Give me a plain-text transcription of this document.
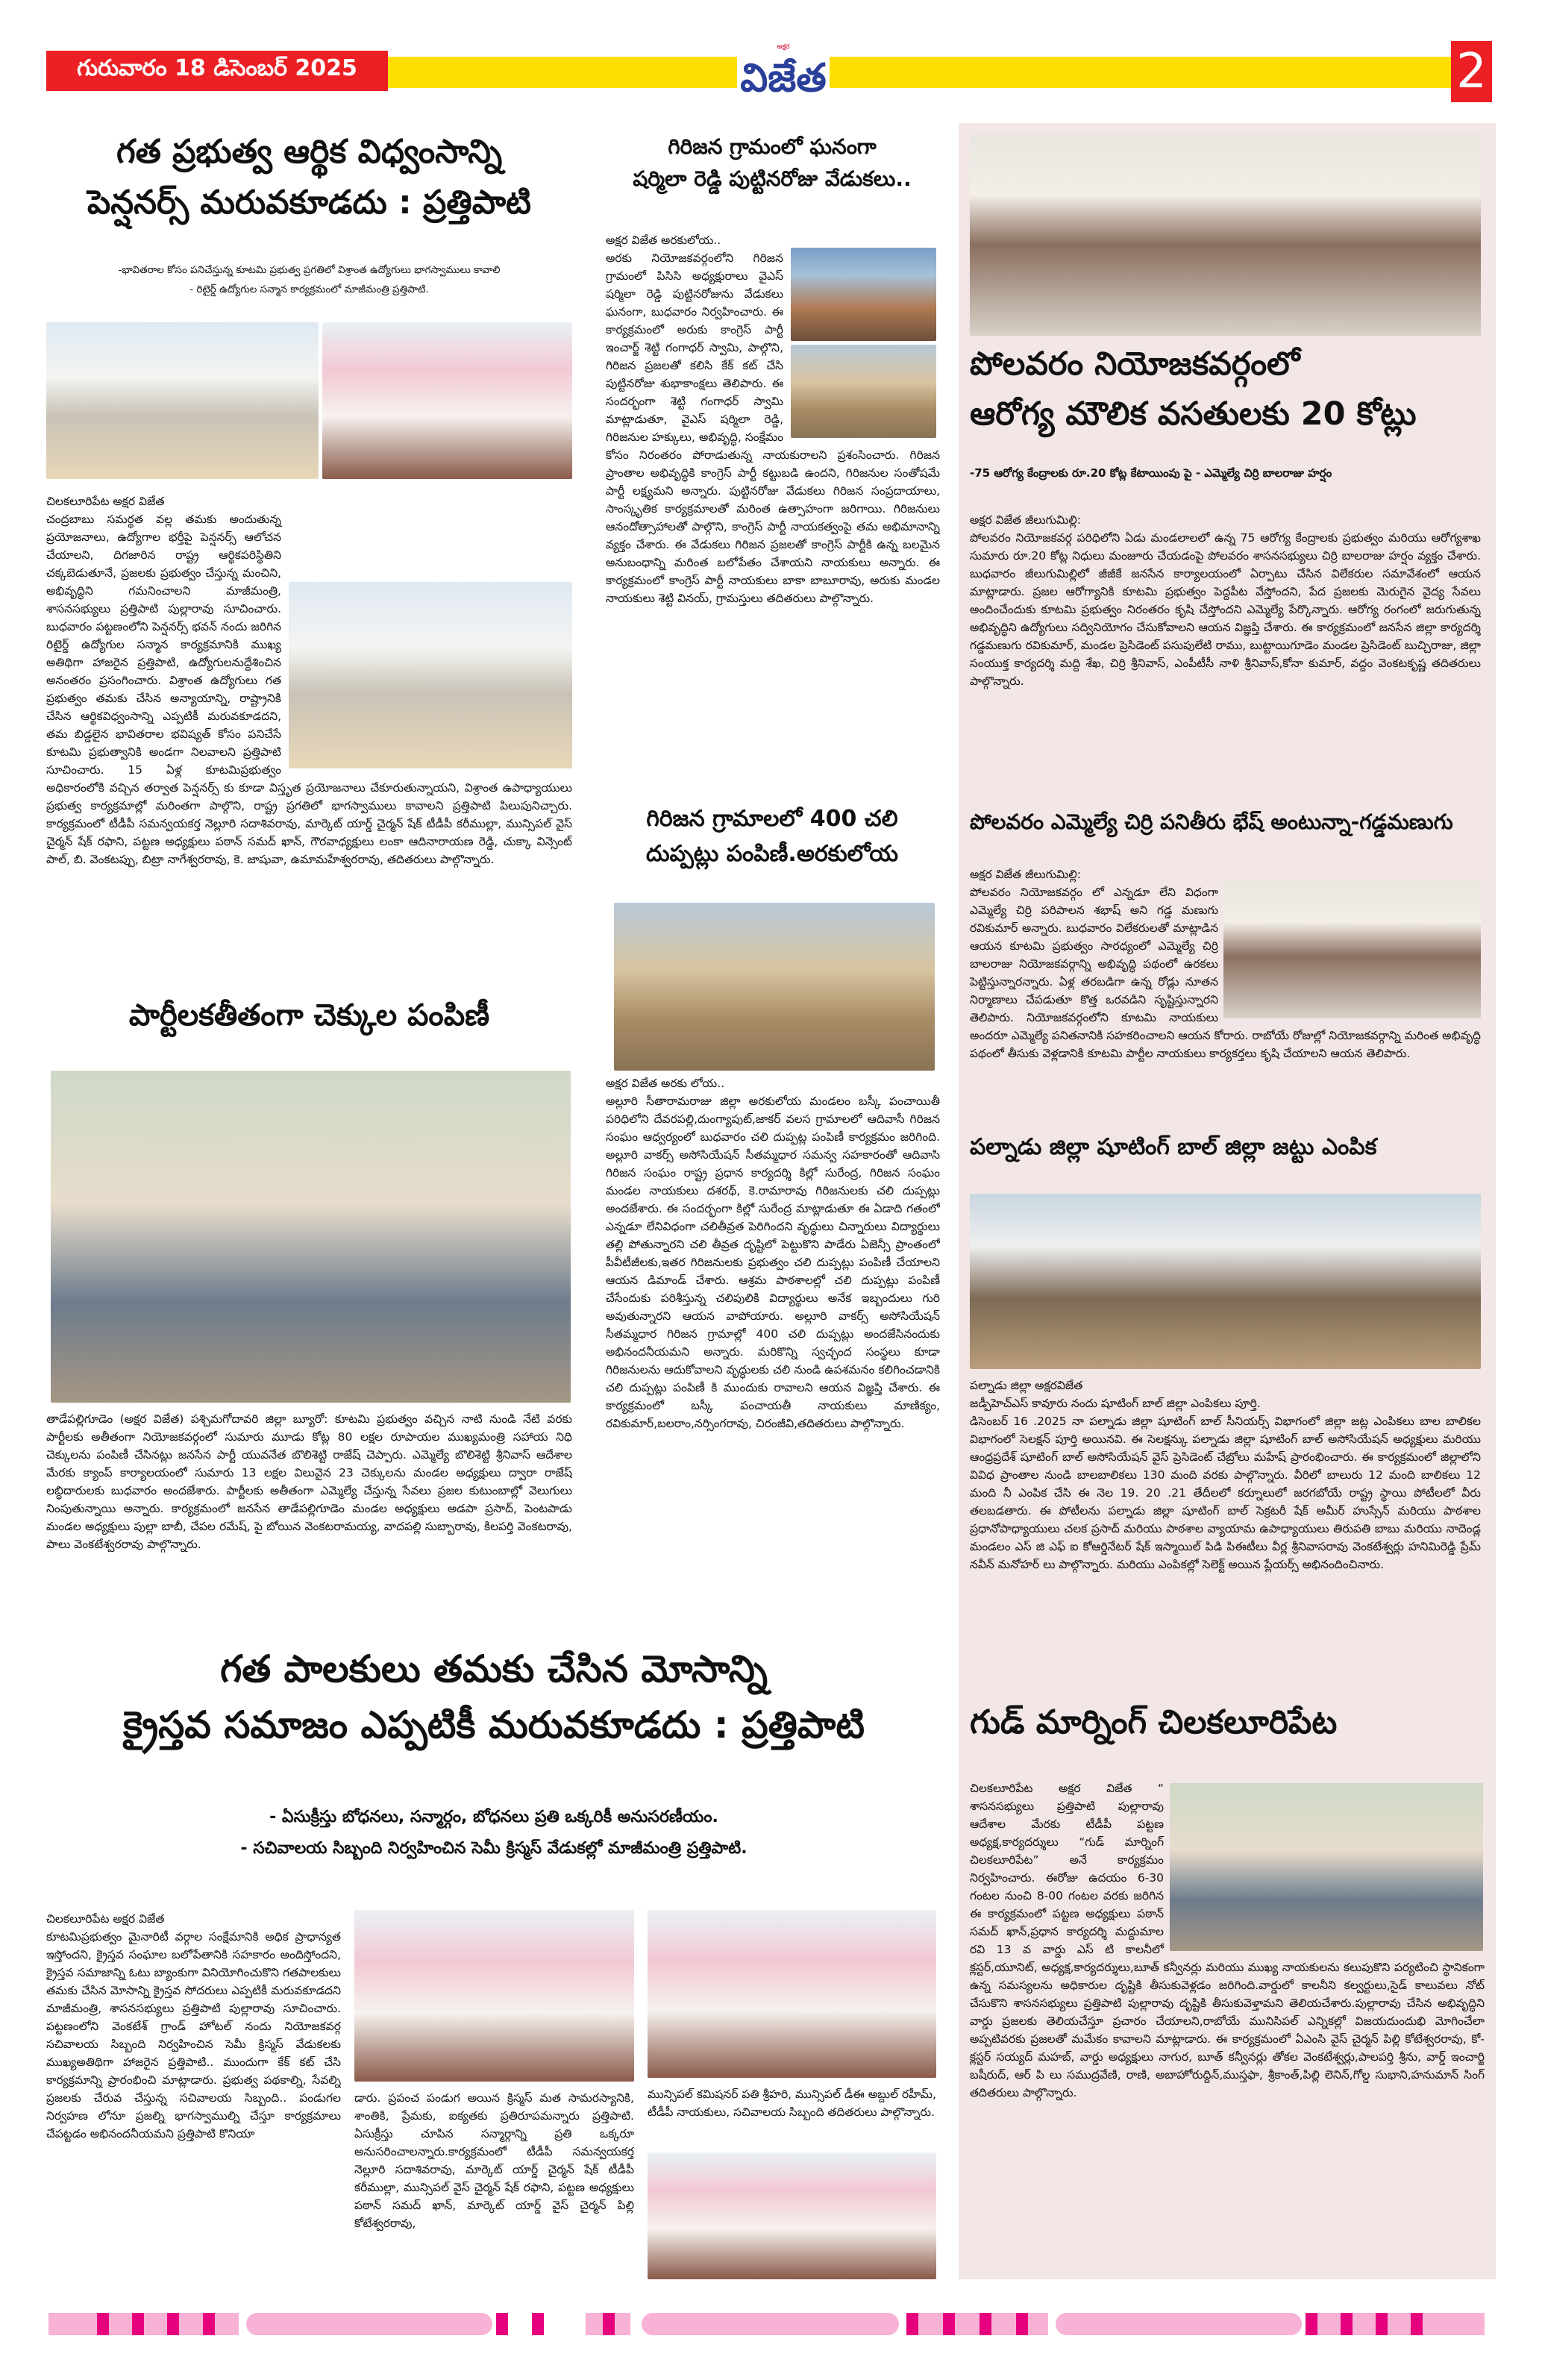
గురువారం 18 డిసెంబర్ 2025
అక్షర
విజేత	2
గత ప్రభుత్వ ఆర్థిక విధ్వంసాన్ని
పెన్షనర్స్ మరువకూడదు : ప్రత్తిపాటి
-భావితరాల కోసం పనిచేస్తున్న కూటమి ప్రభుత్వ ప్రగతిలో విశ్రాంత ఉద్యోగులు భాగస్వాములు కావాలి
- రిటైర్డ్ ఉద్యోగుల సన్మాన కార్యక్రమంలో మాజీమంత్రి ప్రత్తిపాటి.
చిలకలూరిపేట అక్షర విజేత
చంద్రబాబు సమర్థత వల్ల తమకు అందుతున్న ప్రయోజనాలు, ఉద్యోగాల భర్తీపై పెన్షనర్స్ ఆలోచన చేయాలని, దిగజారిన రాష్ట్ర ఆర్థికపరిస్థితిని చక్కబెడుతూనే, ప్రజలకు ప్రభుత్వం చేస్తున్న మంచిని, అభివృద్ధిని గమనించాలని మాజీమంత్రి, శాసనసభ్యులు ప్రత్తిపాటి పుల్లారావు సూచించారు. బుధవారం పట్టణంలోని పెన్షనర్స్ భవన్ నందు జరిగిన రిటైర్డ్ ఉద్యోగుల సన్మాన కార్యక్రమానికి ముఖ్య అతిథిగా హాజరైన ప్రత్తిపాటి, ఉద్యోగులనుద్దేశించిన అనంతరం ప్రసంగించారు. విశ్రాంత ఉద్యోగులు గత ప్రభుత్వం తమకు చేసిన అన్యాయాన్ని, రాష్ట్రానికి చేసిన ఆర్థికవిధ్వంసాన్ని ఎప్పటికీ మరువకూడదని, తమ బిడ్డలైన భావితరాల భవిష్యత్ కోసం పనిచేసే కూటమి ప్రభుత్వానికి అండగా నిలవాలని ప్రత్తిపాటి సూచించారు. 15 ఏళ్ల కూటమిప్రభుత్వం అధికారంలోకి వచ్చిన తర్వాత పెన్షనర్స్ కు కూడా విస్తృత ప్రయోజనాలు చేకూరుతున్నాయని, విశ్రాంత ఉపాధ్యాయులు ప్రభుత్వ కార్యక్రమాల్లో మరింతగా పాల్గొని, రాష్ట్ర ప్రగతిలో భాగస్వాములు కావాలని ప్రత్తిపాటి పిలుపునిచ్చారు. కార్యక్రమంలో టీడీపీ సమన్వయకర్త నెల్లూరి సదాశివరావు, మార్కెట్ యార్డ్ చైర్మన్ షేక్ టీడీపీ కరీముల్లా, మున్సిపల్ వైస్ చైర్మన్ షేక్ రఫాని, పట్టణ అధ్యక్షులు పఠాన్ సమద్ ఖాన్, గౌరవాధ్యక్షులు లంకా ఆదినారాయణ రెడ్డి, చుక్కా విన్సెంట్ పాల్, బి. వెంకటప్పు, బిట్రా నాగేశ్వరరావు, కె. జాషువా, ఉమామహేశ్వరరావు, తదితరులు పాల్గొన్నారు.
పార్టీలకతీతంగా చెక్కుల పంపిణీ
తాడేపల్లిగూడెం (అక్షర విజేత) పశ్చిమగోదావరి జిల్లా బ్యూరో: కూటమి ప్రభుత్వం వచ్చిన నాటి నుండి నేటి వరకు పార్టీలకు అతీతంగా నియోజకవర్గంలో సుమారు మూడు కోట్ల 80 లక్షల రూపాయల ముఖ్యమంత్రి సహాయ నిధి చెక్కులను పంపిణీ చేసినట్లు జనసేన పార్టీ యువనేత బొలిశెట్టి రాజేష్ చెప్పారు. ఎమ్మెల్యే బొలిశెట్టి శ్రీనివాస్ ఆదేశాల మేరకు క్యాంప్ కార్యాలయంలో సుమారు 13 లక్షల విలువైన 23 చెక్కులను మండల అధ్యక్షులు ద్వారా రాజేష్ లబ్ధిదారులకు బుధవారం అందజేశారు. పార్టీలకు అతీతంగా ఎమ్మెల్యే చేస్తున్న సేవలు ప్రజల కుటుంబాల్లో వెలుగులు నింపుతున్నాయి అన్నారు. కార్యక్రమంలో జనసేన తాడేపల్లిగూడెం మండల అధ్యక్షులు అడపా ప్రసాద్, పెంటపాడు మండల అధ్యక్షులు పుల్లా బాబీ, చేపల రమేష్, పై బోయిన వెంకటరామయ్య, వాదపల్లి సుబ్బారావు, కిలపర్తి వెంకటరావు, పాలు వెంకటేశ్వరరావు పాల్గొన్నారు.
గిరిజన గ్రామంలో ఘనంగా
షర్మిలా రెడ్డి పుట్టినరోజు వేడుకలు..
అక్షర విజేత అరకులోయ..
అరకు నియోజకవర్గంలోని గిరిజన గ్రామంలో పిసిసి అధ్యక్షురాలు వైఎస్ షర్మిలా రెడ్డి పుట్టినరోజును వేడుకలు ఘనంగా, బుధవారం నిర్వహించారు. ఈ కార్యక్రమంలో అరుకు కాంగ్రెస్ పార్టీ ఇంచార్జ్ శెట్టి గంగాధర్ స్వామి, పాల్గొని, గిరిజన ప్రజలతో కలిసి కేక్ కట్ చేసి పుట్టినరోజు శుభాకాంక్షలు తెలిపారు. ఈ సందర్భంగా శెట్టి గంగాధర్ స్వామి మాట్లాడుతూ, వైఎస్ షర్మిలా రెడ్డి, గిరిజనుల హక్కులు, అభివృద్ధి, సంక్షేమం కోసం నిరంతరం పోరాడుతున్న నాయకురాలని ప్రశంసించారు. గిరిజన ప్రాంతాల అభివృద్ధికి కాంగ్రెస్ పార్టీ కట్టుబడి ఉందని, గిరిజనుల సంతోషమే పార్టీ లక్ష్యమని అన్నారు. పుట్టినరోజు వేడుకలు గిరిజన సంప్రదాయాలు, సాంస్కృతిక కార్యక్రమాలతో మరింత ఉత్సాహంగా జరిగాయి. గిరిజనులు ఆనందోత్సాహాలతో పాల్గొని, కాంగ్రెస్ పార్టీ నాయకత్వంపై తమ అభిమానాన్ని వ్యక్తం చేశారు. ఈ వేడుకలు గిరిజన ప్రజలతో కాంగ్రెస్ పార్టీకి ఉన్న బలమైన అనుబంధాన్ని మరింత బలోపేతం చేశాయని నాయకులు అన్నారు. ఈ కార్యక్రమంలో కాంగ్రెస్ పార్టీ నాయకులు బాకా బాబూరావు, అరుకు మండల నాయకులు శెట్టి వినయ్, గ్రామస్తులు తదితరులు పాల్గొన్నారు.
గిరిజన గ్రామాలలో 400 చలి
దుప్పట్లు పంపిణీ.అరకులోయ
అక్షర విజేత అరకు లోయ..
అల్లూరి సీతారామరాజు జిల్లా అరకులోయ మండలం బస్కీ పంచాయితీ పరిధిలోని దేవరపల్లి,దుంగ్యాపుట్,జాకర్ వలస గ్రామాలలో ఆదివాసీ గిరిజన సంఘం ఆధ్వర్యంలో బుధవారం చలి దుప్పట్ల పంపిణీ కార్యక్రమం జరిగింది. అల్లూరి వాకర్స్ అసోసియేషన్ సీతమ్మధార సమన్వ సహకారంతో ఆదివాసి గిరిజన సంఘం రాష్ట్ర ప్రధాన కార్యదర్శి కిల్లో సురేంద్ర, గిరిజన సంఘం మండల నాయకులు దశరథ్, కె.రామారావు గిరిజనులకు చలి దుప్పట్లు అందజేశారు. ఈ సందర్భంగా కిల్లో సురేంద్ర మాట్లాడుతూ ఈ ఏడాది గతంలో ఎన్నడూ లేనివిధంగా చలితీవ్రత పెరిగిందని వృద్ధులు చిన్నారులు విద్యార్థులు తల్లి పోతున్నారని చలి తీవ్రత దృష్టిలో పెట్టుకొని పాడేరు ఏజెన్సీ ప్రాంతంలో పీవీటీజీలకు,ఇతర గిరిజనులకు ప్రభుత్వం చలి దుప్పట్లు పంపిణీ చేయాలని ఆయన డిమాండ్ చేశారు. ఆశ్రమ పాఠశాలల్లో చలి దుప్పట్లు పంపిణీ చేసేందుకు పరిశీస్తున్న చలిపులికి విద్యార్థులు అనేక ఇబ్బందులు గురి అవుతున్నారని ఆయన వాపోయారు. అల్లూరి వాకర్స్ అసోసియేషన్ సీతమ్మధార గిరిజన గ్రామాల్లో 400 చలి దుప్పట్లు అందజేసినందుకు అభినందనీయమని అన్నారు. మరికొన్ని స్వచ్ఛంద సంస్థలు కూడా గిరిజనులను ఆదుకోవాలని వృద్ధులకు చలి నుండి ఉపశమనం కలిగించడానికి చలి దుప్పట్లు పంపిణీ కి ముందుకు రావాలని ఆయన విజ్ఞప్తి చేశారు. ఈ కార్యక్రమంలో బస్కీ పంచాయతీ నాయకులు మాణిక్యం, రవికుమార్,బలరాం,నర్సింగరావు, చిరంజీవి,తదితరులు పాల్గొన్నారు.
పోలవరం నియోజకవర్గంలో
ఆరోగ్య మౌలిక వసతులకు 20 కోట్లు
-75 ఆరోగ్య కేంద్రాలకు రూ.20 కోట్ల కేటాయింపు పై - ఎమ్మెల్యే చిర్రి బాలరాజు హర్షం
అక్షర విజేత జీలుగుమిల్లి:
పోలవరం నియోజకవర్గ పరిధిలోని ఏడు మండలాలలో ఉన్న 75 ఆరోగ్య కేంద్రాలకు ప్రభుత్వం మరియు ఆరోగ్యశాఖ సుమారు రూ.20 కోట్ల నిధులు మంజూరు చేయడంపై పోలవరం శాసనసభ్యులు చిర్రి బాలరాజు హర్షం వ్యక్తం చేశారు. బుధవారం జీలుగుమిల్లిలో జీజీకే జనసేన కార్యాలయంలో ఏర్పాటు చేసిన విలేకరుల సమావేశంలో ఆయన మాట్లాడారు. ప్రజల ఆరోగ్యానికి కూటమి ప్రభుత్వం పెద్దపీట వేస్తోందని, పేద ప్రజలకు మెరుగైన వైద్య సేవలు అందించేందుకు కూటమి ప్రభుత్వం నిరంతరం కృషి చేస్తోందని ఎమ్మెల్యే పేర్కొన్నారు. ఆరోగ్య రంగంలో జరుగుతున్న అభివృద్ధిని ఉద్యోగులు సద్వినియోగం చేసుకోవాలని ఆయన విజ్ఞప్తి చేశారు. ఈ కార్యక్రమంలో జనసేన జిల్లా కార్యదర్శి గడ్డమణుగు రవికుమార్, మండల ప్రెసిడెంట్ పసుపులేటి రాము, బుట్టాయిగూడెం మండల ప్రెసిడెంట్ బుచ్చిరాజు, జిల్లా సంయుక్త కార్యదర్శి మద్ది శేఖ, చిర్రి శ్రీనివాస్, ఎంపీటీసీ నాళి శ్రీనివాస్,కోనా కుమార్, వద్దం వెంకటకృష్ణ తదితరులు పాల్గొన్నారు.
పోలవరం ఎమ్మెల్యే చిర్రి పనితీరు భేష్ అంటున్నా-గడ్డమణుగు
అక్షర విజేత జీలుగుమిల్లి:
పోలవరం నియోజకవర్గం లో ఎన్నడూ లేని విధంగా ఎమ్మెల్యే చిర్రి పరిపాలన శభాష్ అని గడ్డ మణుగు రవికుమార్ అన్నారు. బుధవారం విలేకరులతో మాట్లాడిన ఆయన కూటమి ప్రభుత్వం సారధ్యంలో ఎమ్మెల్యే చిర్రి బాలరాజు నియోజకవర్గాన్ని అభివృద్ధి పథంలో ఉరకలు పెట్టిస్తున్నారన్నారు. ఏళ్ల తరబడిగా ఉన్న రోడ్లు నూతన నిర్మాణాలు చేపడుతూ కొత్త ఒరవడిని సృష్టిస్తున్నారని తెలిపారు. నియోజకవర్గంలోని కూటమి నాయకులు అందరూ ఎమ్మెల్యే పనితనానికి సహకరించాలని ఆయన కోరారు. రాబోయే రోజుల్లో నియోజకవర్గాన్ని మరింత అభివృద్ధి పథంలో తీసుకు వెళ్లడానికి కూటమి పార్టీల నాయకులు కార్యకర్తలు కృషి చేయాలని ఆయన తెలిపారు.
పల్నాడు జిల్లా షూటింగ్ బాల్ జిల్లా జట్టు ఎంపిక
పల్నాడు జిల్లా అక్షరవిజేత
జడ్పీహెచ్ఎస్ కావూరు నందు షూటింగ్ బాల్ జిల్లా ఎంపికలు పూర్తి.
డిసెంబర్ 16 .2025 నా పల్నాడు జిల్లా షూటింగ్ బాల్ సీనియర్స్ విభాగంలో జిల్లా జట్ల ఎంపికలు బాల బాలికల విభాగంలో సెలక్షన్ పూర్తి అయినవి. ఈ సెలక్షన్కు పల్నాడు జిల్లా షూటింగ్ బాల్ అసోసియేషన్ అధ్యక్షులు మరియు ఆంధ్రప్రదేశ్ షూటింగ్ బాల్ అసోసియేషన్ వైస్ ప్రెసిడెంట్ చేబ్రోలు మహేష్ ప్రారంభించారు. ఈ కార్యక్రమంలో జిల్లాలోని వివిధ ప్రాంతాల నుండి బాలబాలికలు 130 మంది వరకు పాల్గొన్నారు. వీరిలో బాలురు 12 మంది బాలికలు 12 మంది నీ ఎంపిక చేసి ఈ నెల 19. 20 .21 తేదీలలో కర్నూలులో జరగబోయే రాష్ట్ర స్థాయి పోటీలలో వీరు తలబడతారు. ఈ పోటీలను పల్నాడు జిల్లా షూటింగ్ బాల్ సెక్రటరీ షేక్ అమీర్ హుస్సేన్ మరియు పాఠశాల ప్రధానోపాధ్యాయులు చలక ప్రసాద్ మరియు పాఠశాల వ్యాయామ ఉపాధ్యాయులు తిరుపతి బాబు మరియు నాదెండ్ల మండలం ఎస్ జి ఎఫ్ ఐ కోఆర్డినేటర్ షేక్ ఇస్మాయిల్ పిడి పిఈటీలు వీర్ల శ్రీనివాసరావు వెంకటేశ్వర్లు హనిమిరెడ్డి ప్రేమ్ నవీన్ మనోహర్ లు పాల్గొన్నారు. మరియు ఎంపికల్లో సెలెక్ట్ అయిన ప్లేయర్స్ అభినందించినారు.
గుడ్ మార్నింగ్ చిలకలూరిపేట
చిలకలూరిపేట అక్షర విజేత “ శాసనసభ్యులు ప్రత్తిపాటి పుల్లారావు ఆదేశాల మేరకు టీడీపీ పట్టణ అధ్యక్ష,కార్యదర్శులు “గుడ్ మార్నింగ్ చిలకలూరిపేట” అనే కార్యక్రమం నిర్వహించారు. ఈరోజు ఉదయం 6-30 గంటల నుంచి 8-00 గంటల వరకు జరిగిన ఈ కార్యక్రమంలో పట్టణ అధ్యక్షులు పఠాన్ సమద్ ఖాన్,ప్రధాన కార్యదర్శి మద్దుమాల రవి 13 వ వార్డు ఎస్ టి కాలనీలో క్లస్టర్,యూనిట్, అధ్యక్ష,కార్యదర్శులు,బూత్ కన్వీనర్లు మరియు ముఖ్య నాయకులను కలుపుకొని పర్యటించి స్థానికంగా ఉన్న సమస్యలను అధికారుల దృష్టికి తీసుకువెళ్లడం జరిగింది.వార్డులో కాలనీని కల్వర్టులు,సైడ్ కాలువలు నోట్ చేసుకొని శాసనసభ్యులు ప్రత్తిపాటి పుల్లారావు దృష్టికి తీసుకువెళ్తామని తెలియచేశారు.పుల్లారావు చేసిన అభివృద్ధిని వార్డు ప్రజలకు తెలియచేస్తూ ప్రచారం చేయాలని,రాబోయే మునిసిపల్ ఎన్నికల్లో విజయదుందుభి మోగించేలా అప్పటివరకు ప్రజలతో మమేకం కావాలని మాట్లాడారు. ఈ కార్యక్రమంలో ఏఎంసి వైస్ చైర్మన్ పిల్లి కోటేశ్వరరావు, కో-క్లస్టర్ సయ్యద్ మహబ్, వార్డు అధ్యక్షులు నాగుర, బూత్ కన్వీనర్లు తోకల వెంకటేశ్వర్లు,పాలపర్తి శ్రీను, వార్డ్ ఇంచార్జి బషీరుద్, ఆర్ పి లు సముద్రవేణి, రాణి, అబాహోరుద్దిన్,ముస్తఫా, శ్రీకాంత్,పిల్లి లెనిన్,గోల్డ సుభాని,హనుమాన్ సింగ్ తదితరులు పాల్గొన్నారు.
గత పాలకులు తమకు చేసిన మోసాన్ని
క్రైస్తవ సమాజం ఎప్పటికీ మరువకూడదు : ప్రత్తిపాటి
- ఏసుక్రీస్తు బోధనలు, సన్మార్గం, బోధనలు ప్రతి ఒక్కరికీ అనుసరణీయం.
- సచివాలయ సిబ్బంది నిర్వహించిన సెమీ క్రిస్మస్ వేడుకల్లో మాజీమంత్రి ప్రత్తిపాటి.
చిలకలూరిపేట అక్షర విజేత
కూటమిప్రభుత్వం మైనారిటీ వర్గాల సంక్షేమానికి అధిక ప్రాధాన్యత ఇస్తోందని, క్రైస్తవ సంఘాల బలోపేతానికి సహకారం అందిస్తోందని, క్రైస్తవ సమాజాన్ని ఓటు బ్యాంకుగా వినియోగించుకొని గతపాలకులు తమకు చేసిన మోసాన్ని క్రైస్తవ సోదరులు ఎప్పటికీ మరువకూడదని మాజీమంత్రి, శాసనసభ్యులు ప్రత్తిపాటి పుల్లారావు సూచించారు. పట్టణంలోని వెంకటేశ్ గ్రాండ్ హోటల్ నందు నియోజకవర్గ సచివాలయ సిబ్బంది నిర్వహించిన సెమీ క్రిస్మస్ వేడుకలకు ముఖ్యఅతిథిగా హాజరైన ప్రత్తిపాటి.. ముందుగా కేక్ కట్ చేసి కార్యక్రమాన్ని ప్రారంభించి మాట్లాడారు. ప్రభుత్వ పథకాల్ని, సేవల్ని ప్రజలకు చేరువ చేస్తున్న సచివాలయ సిబ్బంది.. పండుగల నిర్వహణ లోనూ ప్రజల్ని భాగస్వాముల్ని చేస్తూ కార్యక్రమాలు చేపట్టడం అభినందనీయమని ప్రత్తిపాటి కొనియా
డారు. ప్రపంచ పండుగ అయిన క్రిస్మస్ మత సామరస్యానికి, శాంతికి, ప్రేమకు, ఐక్యతకు ప్రతిరూపమన్నారు ప్రత్తిపాటి. ఏసుక్రీస్తు చూపిన సన్మార్గాన్ని ప్రతి ఒక్కరూ అనుసరించాలన్నారు.కార్యక్రమంలో టీడీపీ సమన్వయకర్త నెల్లూరి సదాశివరావు, మార్కెట్ యార్డ్ చైర్మన్ షేక్ టీడీపీ కరీముల్లా, మున్సిపల్ వైస్ చైర్మన్ షేక్ రఫాని, పట్టణ అధ్యక్షులు పఠాన్ సమద్ ఖాన్, మార్కెట్ యార్డ్ వైస్ చైర్మన్ పిల్లి కోటేశ్వరరావు,
మున్సిపల్ కమిషనర్ పతి శ్రీహరి, మున్సిపల్ డీఈ అబ్దుల్ రహీమ్, టీడీపీ నాయకులు, సచివాలయ సిబ్బంది తదితరులు పాల్గొన్నారు.
